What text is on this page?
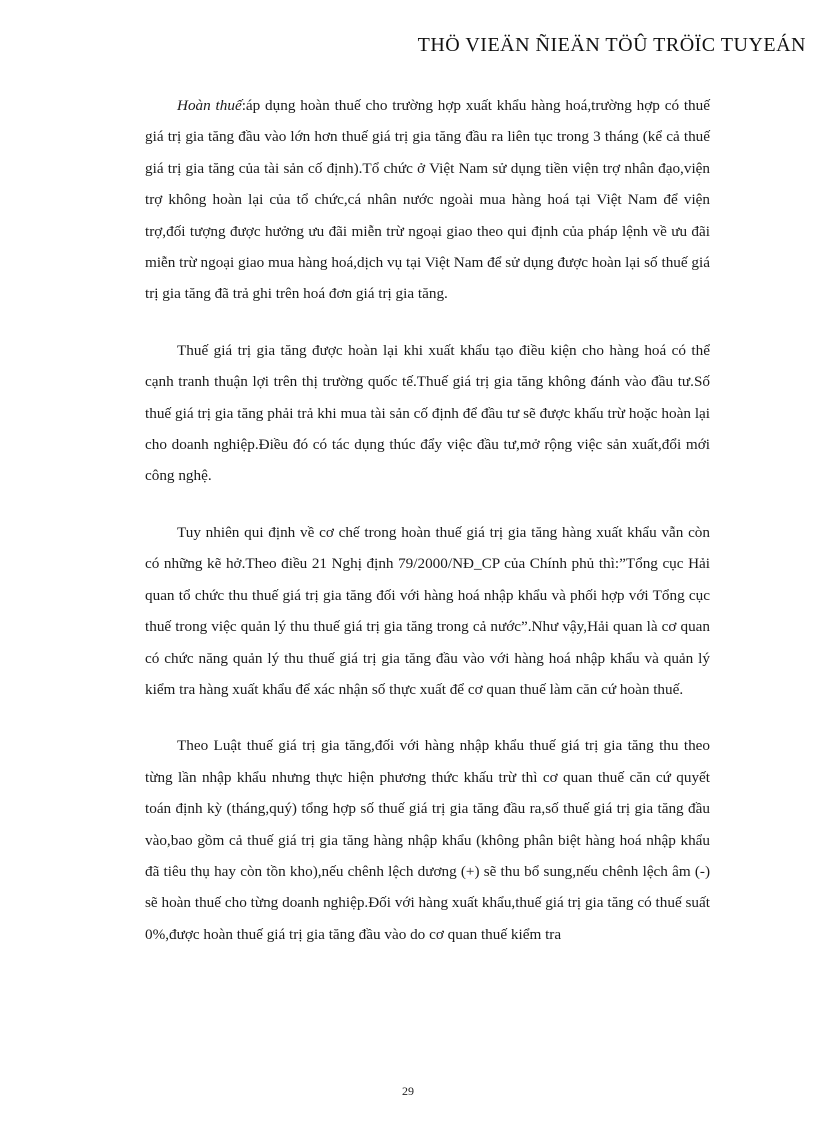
THÖ VIEÄN ÑIEÄN TÖÛ TRÖÏC TUYEÁN

Hoàn thuế:áp dụng hoàn thuế cho trường hợp xuất khẩu hàng hoá,trường hợp có thuế giá trị gia tăng đầu vào lớn hơn thuế giá trị gia tăng đầu ra liên tục trong 3 tháng (kể cả thuế giá trị gia tăng của tài sản cố định).Tổ chức ở Việt Nam sử dụng tiền viện trợ nhân đạo,viện trợ không hoàn lại của tổ chức,cá nhân nước ngoài mua hàng hoá tại Việt Nam để viện trợ,đối tượng được hưởng ưu đãi miễn trừ ngoại giao theo qui định của pháp lệnh về ưu đãi miễn trừ ngoại giao mua hàng hoá,dịch vụ tại Việt Nam để sử dụng được hoàn lại số thuế giá trị gia tăng đã trả ghi trên hoá đơn giá trị gia tăng.

Thuế giá trị gia tăng được hoàn lại khi xuất khẩu tạo điều kiện cho hàng hoá có thể cạnh tranh thuận lợi trên thị trường quốc tế.Thuế giá trị gia tăng không đánh vào đầu tư.Số thuế giá trị gia tăng phải trả khi mua tài sản cố định để đầu tư sẽ được khấu trừ hoặc hoàn lại cho doanh nghiệp.Điều đó có tác dụng thúc đẩy việc đầu tư,mở rộng việc sản xuất,đổi mới công nghệ.

Tuy nhiên qui định về cơ chế trong hoàn thuế giá trị gia tăng hàng xuất khẩu vẫn còn có những kẽ hở.Theo điều 21 Nghị định 79/2000/NĐ_CP của Chính phủ thì:”Tổng cục Hải quan tổ chức thu thuế giá trị gia tăng đối với hàng hoá nhập khẩu và phối hợp với Tổng cục thuế trong việc quản lý thu thuế giá trị gia tăng trong cả nước”.Như vậy,Hải quan là cơ quan có chức năng quản lý thu thuế giá trị gia tăng đầu vào với hàng hoá nhập khẩu và quản lý kiểm tra hàng xuất khẩu để xác nhận số thực xuất để cơ quan thuế làm căn cứ hoàn thuế.

Theo Luật thuế giá trị gia tăng,đối với hàng nhập khẩu thuế giá trị gia tăng thu theo từng lần nhập khẩu nhưng thực hiện phương thức khấu trừ thì cơ quan thuế căn cứ quyết toán định kỳ (tháng,quý) tổng hợp số thuế giá trị gia tăng đầu ra,số thuế giá trị gia tăng đầu vào,bao gồm cả thuế giá trị gia tăng hàng nhập khẩu (không phân biệt hàng hoá nhập khẩu đã tiêu thụ hay còn tồn kho),nếu chênh lệch dương (+) sẽ thu bổ sung,nếu chênh lệch âm (-) sẽ hoàn thuế cho từng doanh nghiệp.Đối với hàng xuất khẩu,thuế giá trị gia tăng có thuế suất 0%,được hoàn thuế giá trị gia tăng đầu vào do cơ quan thuế kiểm tra

29
